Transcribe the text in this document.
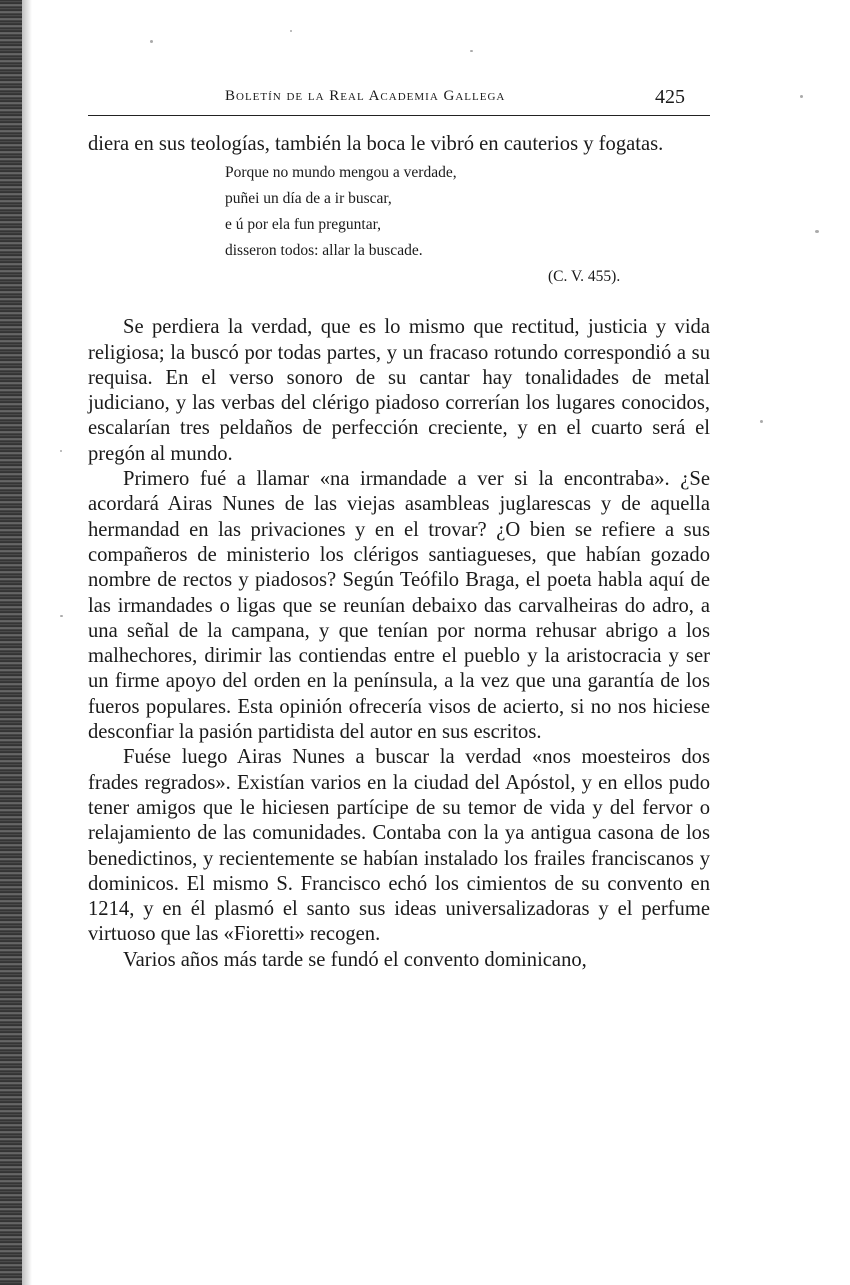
Boletín de la Real Academia Gallega	425

diera en sus teologías, también la boca le vibró en cauterios y fogatas.

Porque no mundo mengou a verdade,
puñei un día de a ir buscar,
e ú por ela fun preguntar,
disseron todos: allar la buscade.
(C. V. 455).

Se perdiera la verdad, que es lo mismo que rectitud, justicia y vida religiosa; la buscó por todas partes, y un fracaso rotundo correspondió a su requisa. En el verso sonoro de su cantar hay tonalidades de metal judiciano, y las verbas del clérigo piadoso correrían los lugares conocidos, escalarían tres peldaños de perfección creciente, y en el cuarto será el pregón al mundo.

Primero fué a llamar «na irmandade a ver si la encontraba». ¿Se acordará Airas Nunes de las viejas asambleas juglarescas y de aquella hermandad en las privaciones y en el trovar? ¿O bien se refiere a sus compañeros de ministerio los clérigos santiagueses, que habían gozado nombre de rectos y piadosos? Según Teófilo Braga, el poeta habla aquí de las irmandades o ligas que se reunían debaixo das carvalheiras do adro, a una señal de la campana, y que tenían por norma rehusar abrigo a los malhechores, dirimir las contiendas entre el pueblo y la aristocracia y ser un firme apoyo del orden en la península, a la vez que una garantía de los fueros populares. Esta opinión ofrecería visos de acierto, si no nos hiciese desconfiar la pasión partidista del autor en sus escritos.

Fuése luego Airas Nunes a buscar la verdad «nos moesteiros dos frades regrados». Existían varios en la ciudad del Apóstol, y en ellos pudo tener amigos que le hiciesen partícipe de su temor de vida y del fervor o relajamiento de las comunidades. Contaba con la ya antigua casona de los benedictinos, y recientemente se habían instalado los frailes franciscanos y dominicos. El mismo S. Francisco echó los cimientos de su convento en 1214, y en él plasmó el santo sus ideas universalizadoras y el perfume virtuoso que las «Fioretti» recogen.

Varios años más tarde se fundó el convento dominicano,
